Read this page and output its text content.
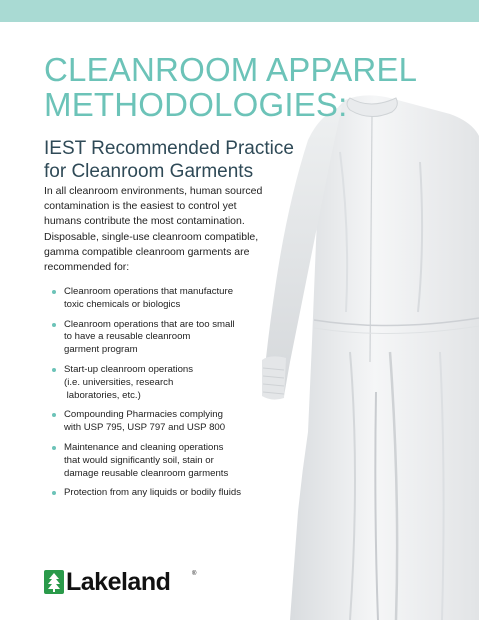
CLEANROOM APPAREL
METHODOLOGIES:
IEST Recommended Practice
for Cleanroom Garments

In all cleanroom environments, human sourced
contamination is the easiest to control yet
humans contribute the most contamination.
Disposable, single-use cleanroom compatible,
gamma compatible cleanroom garments are
recommended for:

Cleanroom operations that manufacture
toxic chemicals or biologics
Cleanroom operations that are too small
to have a reusable cleanroom
garment program
Start-up cleanroom operations
(i.e. universities, research
laboratories, etc.)
Compounding Pharmacies complying
with USP 795, USP 797 and USP 800
Maintenance and cleaning operations
that would significantly soil, stain or
damage reusable cleanroom garments
Protection from any liquids or bodily fluids
Lakeland	®
